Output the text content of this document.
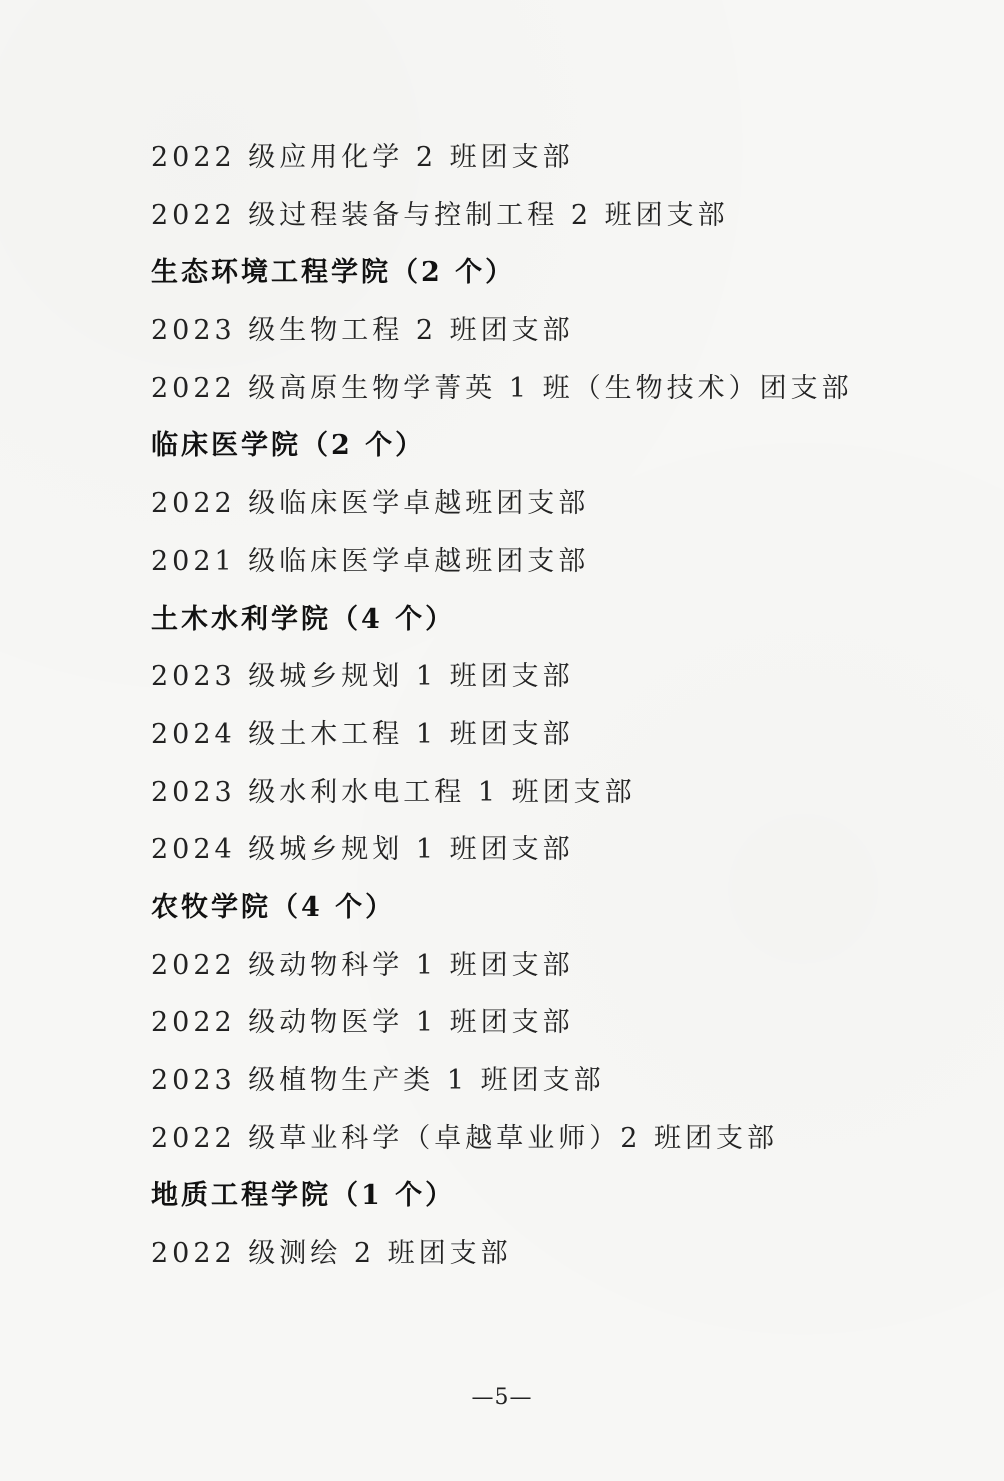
2022 级应用化学 2 班团支部
2022 级过程装备与控制工程 2 班团支部
生态环境工程学院（2 个）
2023 级生物工程 2 班团支部
2022 级高原生物学菁英 1 班（生物技术）团支部
临床医学院（2 个）
2022 级临床医学卓越班团支部
2021 级临床医学卓越班团支部
土木水利学院（4 个）
2023 级城乡规划 1 班团支部
2024 级土木工程 1 班团支部
2023 级水利水电工程 1 班团支部
2024 级城乡规划 1 班团支部
农牧学院（4 个）
2022 级动物科学 1 班团支部
2022 级动物医学 1 班团支部
2023 级植物生产类 1 班团支部
2022 级草业科学（卓越草业师）2 班团支部
地质工程学院（1 个）
2022 级测绘 2 班团支部
—5—
